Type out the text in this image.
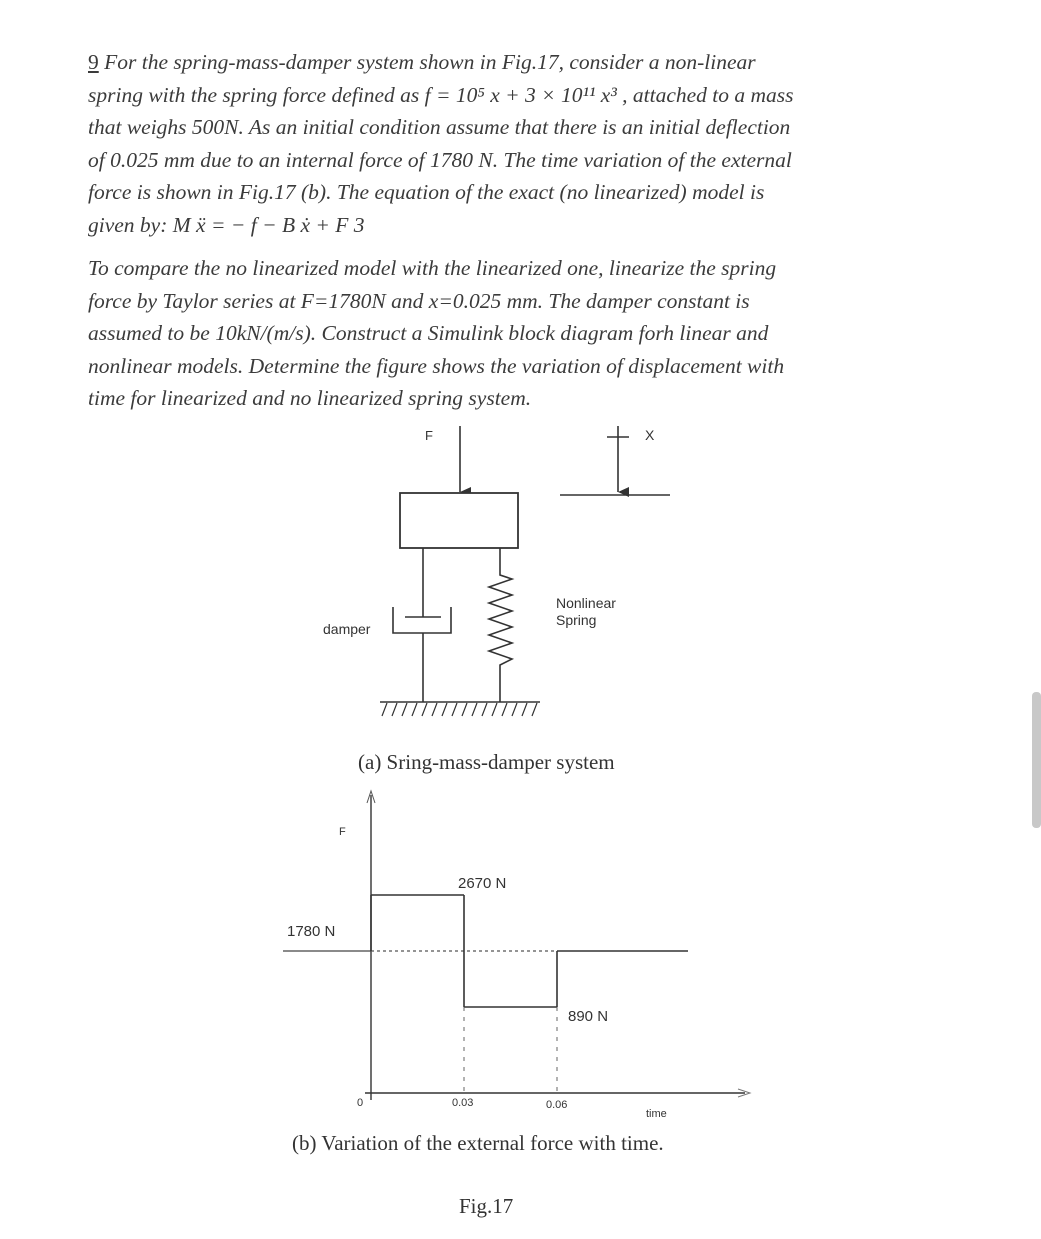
9 For the spring-mass-damper system shown in Fig.17, consider a non-linear
spring with the spring force defined as f = 10⁵ x + 3 × 10¹¹ x³ , attached to a mass
that weighs 500N. As an initial condition assume that there is an initial deflection
of 0.025 mm due to an internal force of 1780 N. The time variation of the external
force is shown in Fig.17 (b). The equation of the exact (no linearized) model is
given by: M ẍ = − f − B ẋ + F 3
To compare the no linearized model with the linearized one, linearize the spring
force by Taylor series at F=1780N and x=0.025 mm. The damper constant is
assumed to be 10kN/(m/s). Construct a Simulink block diagram forh linear and
nonlinear models. Determine the figure shows the variation of displacement with
time for linearized and no linearized spring system.
F	X
damper
Nonlinear
Spring
(a) Sring-mass-damper system
F
time
0
2670 N
1780 N
890 N
0.03	0.06
(b) Variation of the external force with time.
Fig.17
